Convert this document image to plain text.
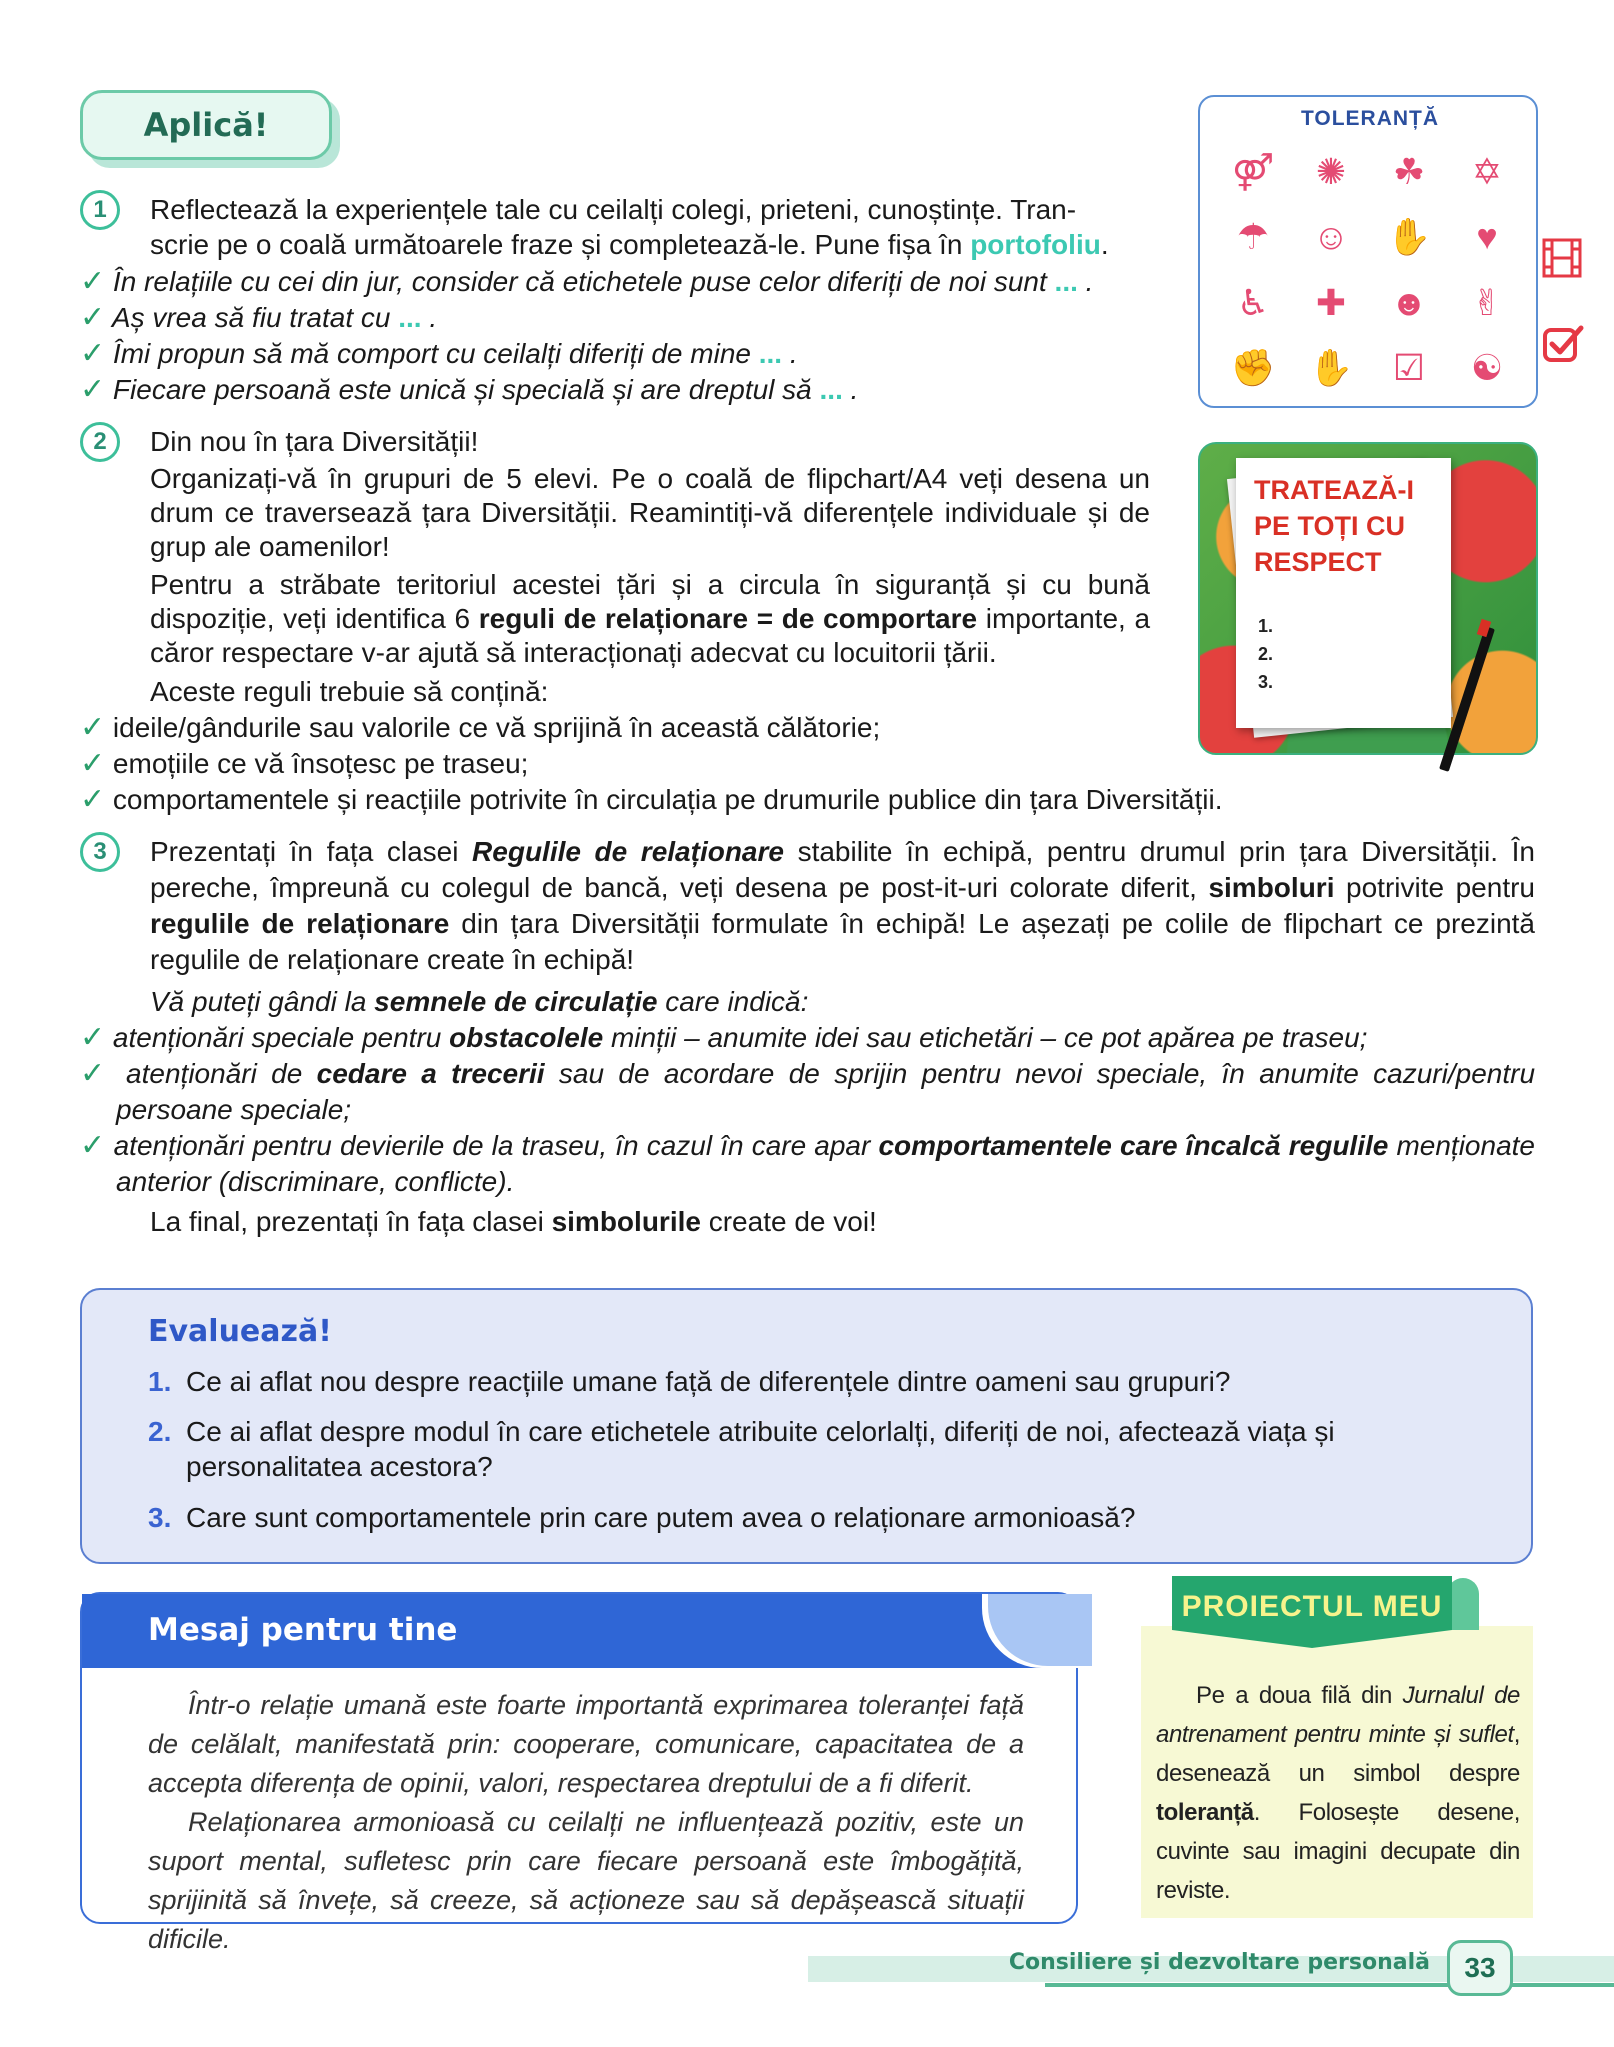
Aplică!
1	Reflectează la experiențele tale cu ceilalți colegi, prieteni, cunoștințe. Tran-
scrie pe o coală următoarele fraze și completează-le. Pune fișa în portofoliu.
✓ În relațiile cu cei din jur, consider că etichetele puse celor diferiți de noi sunt ... .
✓ Aș vrea să fiu tratat cu ... .
✓ Îmi propun să mă comport cu ceilalți diferiți de mine ... .
✓ Fiecare persoană este unică și specială și are dreptul să ... .
2	Din nou în țara Diversității!
Organizați-vă în grupuri de 5 elevi. Pe o coală de flipchart/A4 veți desena un drum ce traversează țara Diversității. Reamintiți-vă diferențele individuale și de grup ale oamenilor!
Pentru a străbate teritoriul acestei țări și a circula în siguranță și cu bună dispoziție, veți identifica 6 reguli de relaționare = de comportare importante, a căror respectare v-ar ajută să interacționați adecvat cu locuitorii țării.
Aceste reguli trebuie să conțină:
✓ ideile/gândurile sau valorile ce vă sprijină în această călătorie;
✓ emoțiile ce vă însoțesc pe traseu;
✓ comportamentele și reacțiile potrivite în circulația pe drumurile publice din țara Diversității.
3	Prezentați în fața clasei Regulile de relaționare stabilite în echipă, pentru drumul prin țara Diversității. În pereche, împreună cu colegul de bancă, veți desena pe post-it-uri colorate diferit, simboluri potrivite pentru regulile de relaționare din țara Diversității formulate în echipă! Le așezați pe colile de flipchart ce prezintă regulile de relaționare create în echipă!
Vă puteți gândi la semnele de circulație care indică:
✓ atenționări speciale pentru obstacolele minții – anumite idei sau etichetări – ce pot apărea pe traseu;
✓ atenționări de cedare a trecerii sau de acordare de sprijin pentru nevoi speciale, în anumite cazuri/pentru persoane speciale;
✓ atenționări pentru devierile de la traseu, în cazul în care apar comportamentele care încalcă regulile menționate anterior (discriminare, conflicte).
La final, prezentați în fața clasei simbolurile create de voi!
TOLERANȚĂ
⚤	✺	☘	✡
☂	☺	✋	♥
♿	✚	☻	✌
✊ ✋	☑	☯
TRATEAZĂ-I PE TOȚI CU RESPECT
1.
2.
3.
Evaluează!
1. Ce ai aflat nou despre reacțiile umane față de diferențele dintre oameni sau grupuri?
2. Ce ai aflat despre modul în care etichetele atribuite celorlalți, diferiți de noi, afectează viața și personalitatea acestora?
3. Care sunt comportamentele prin care putem avea o relaționare armonioasă?
Mesaj pentru tine

Într-o relație umană este foarte importantă exprimarea toleranței față de celălalt, manifestată prin: cooperare, comunicare, capacitatea de a accepta diferența de opinii, valori, respectarea dreptului de a fi diferit.

Relaționarea armonioasă cu ceilalți ne influențează pozitiv, este un suport mental, sufletesc prin care fiecare persoană este îmbogățită, sprijinită să învețe, să creeze, să acționeze sau să depășească situații dificile.

PROIECTUL MEU
Pe a doua filă din Jurnalul de antrenament pentru minte și suflet, desenează un simbol despre toleranță. Folosește desene, cuvinte sau imagini decupate din reviste.
Consiliere și dezvoltare personală	33
